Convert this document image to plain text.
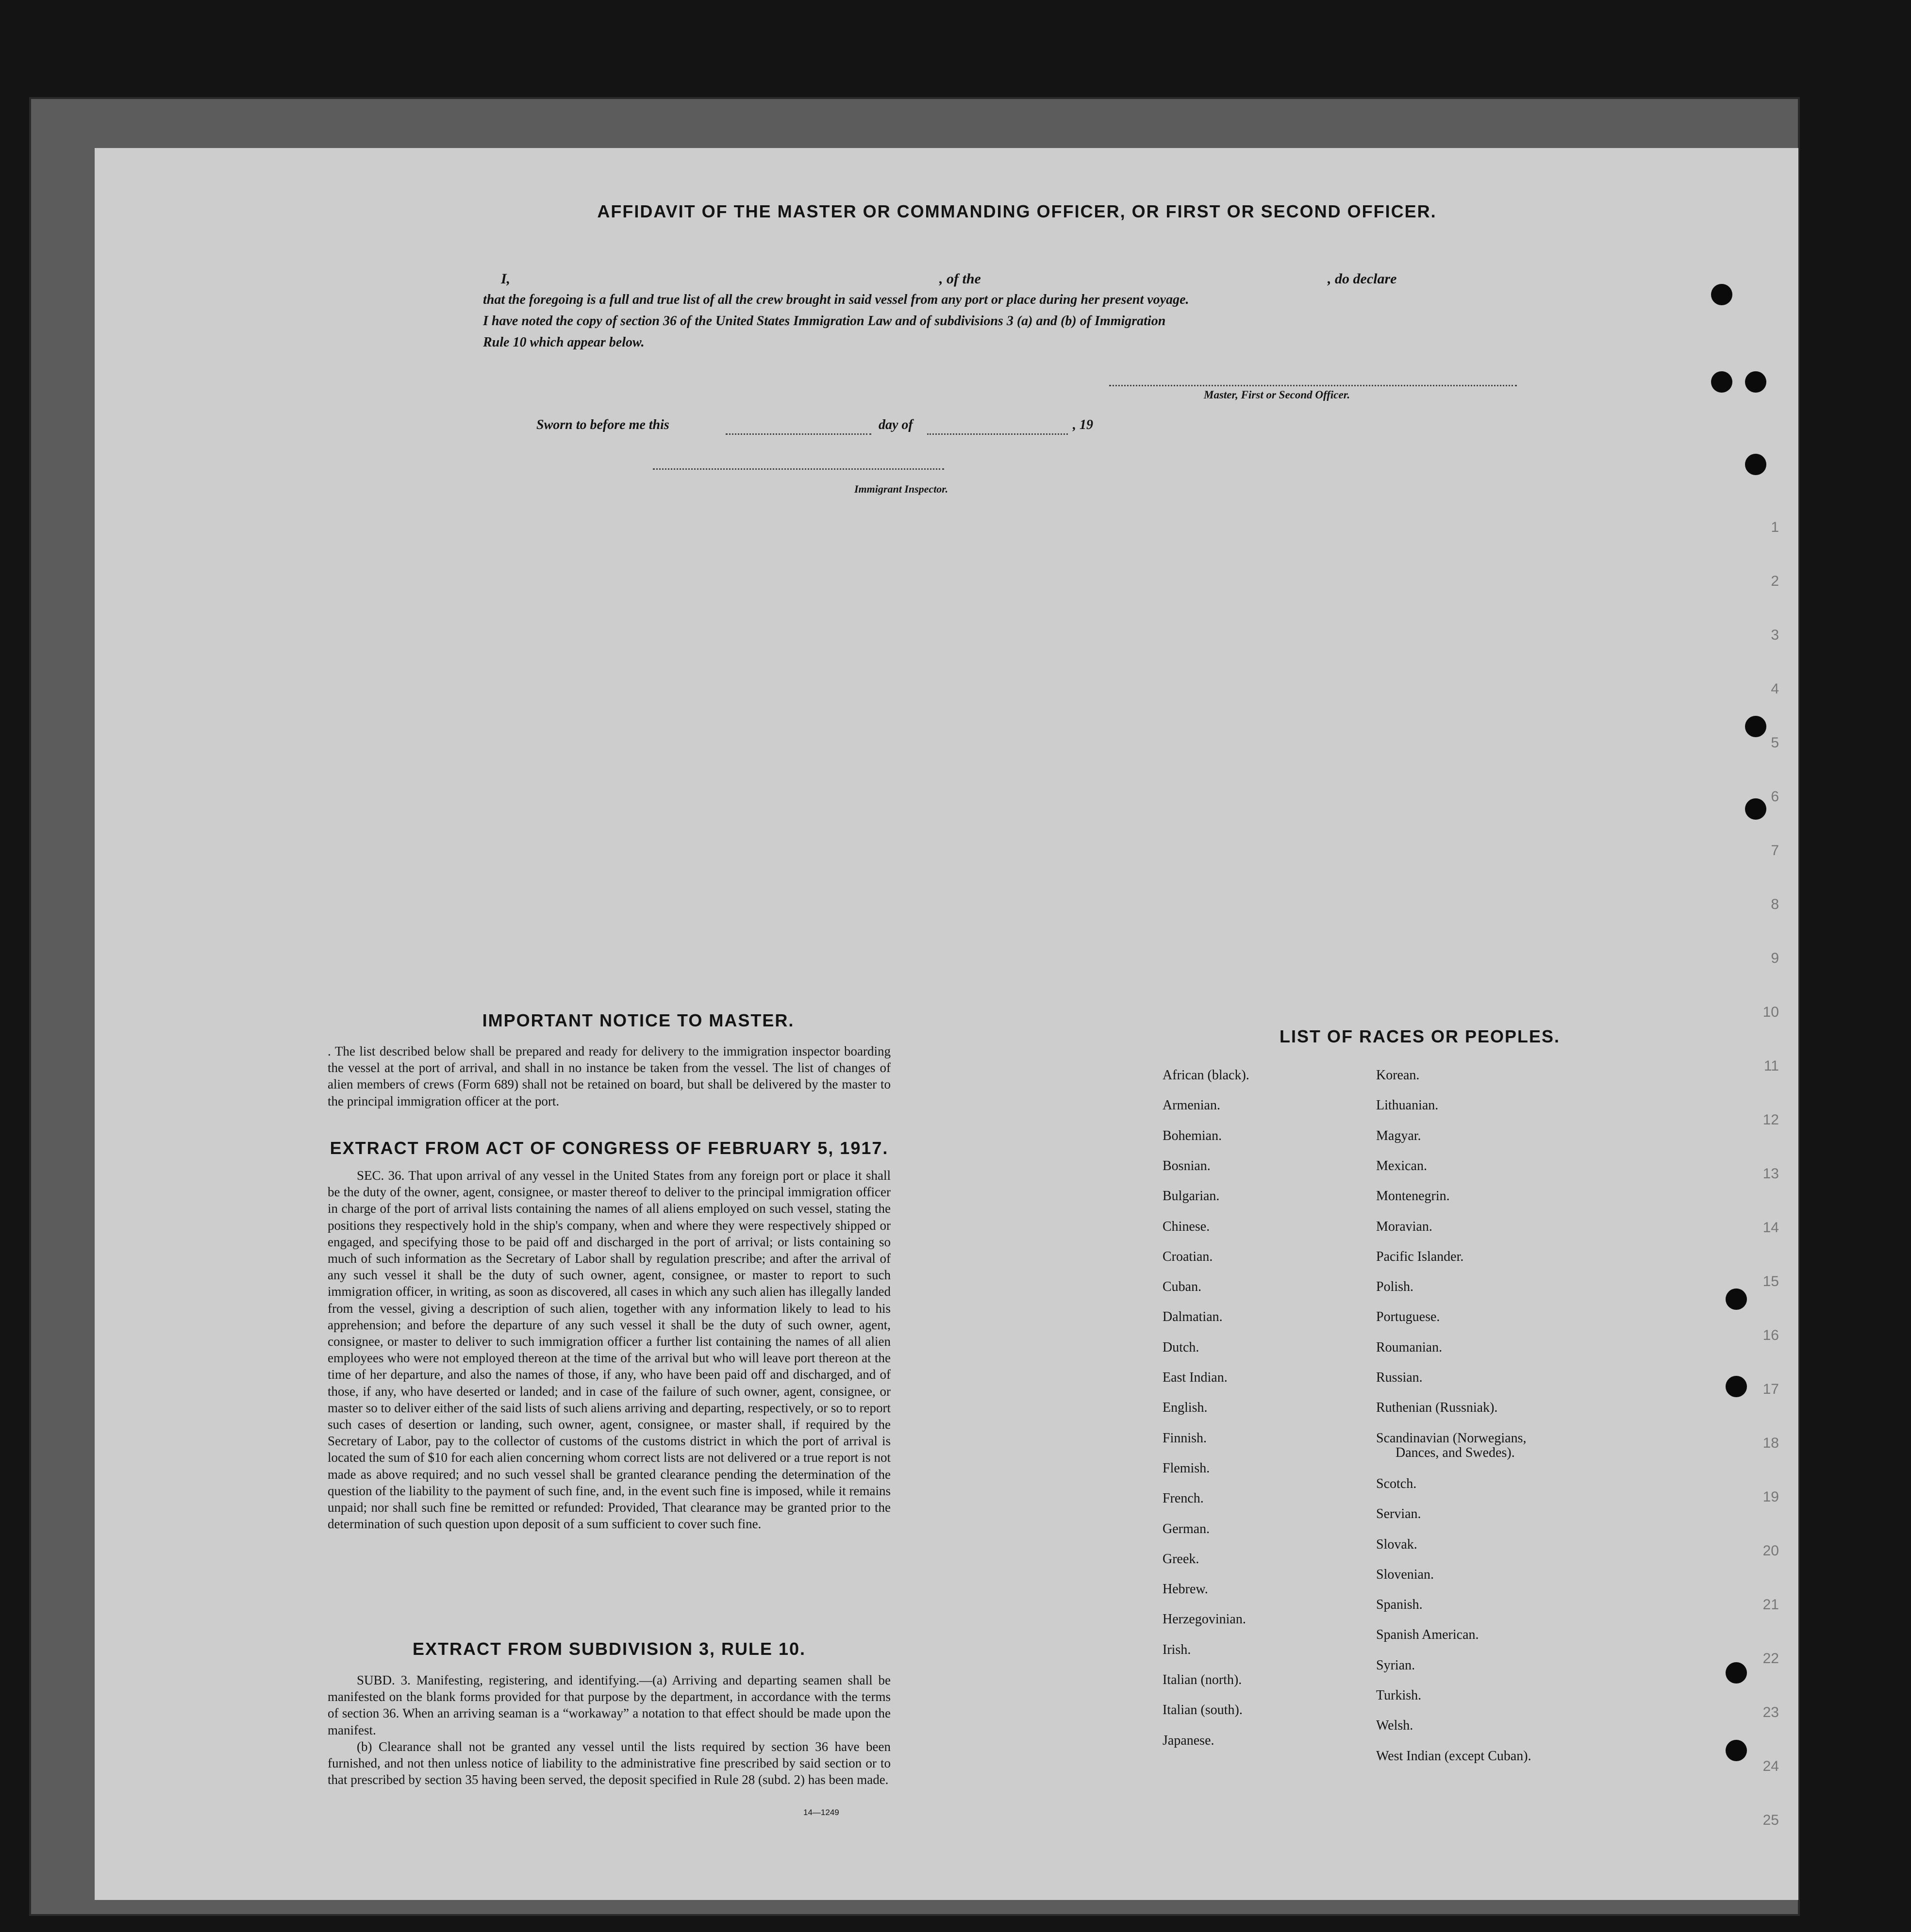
1
2
3
4
5
6
7
8
9
10
11
12
13
14
15
16
17
18
19
20
21
22
23
24
25
AFFIDAVIT OF THE MASTER OR COMMANDING OFFICER, OR FIRST OR SECOND OFFICER.
I,	, of the	, do declare
that the foregoing is a full and true list of all the crew brought in said vessel from any port or place during her present voyage.
I have noted the copy of section 36 of the United States Immigration Law and of subdivisions 3 (a) and (b) of Immigration
Rule 10 which appear below.
Master, First or Second Officer.
Sworn to before me this	day of	, 19
Immigrant Inspector.
IMPORTANT NOTICE TO MASTER.
. The list described below shall be prepared and ready for delivery to the immigration inspector boarding the vessel at the port of arrival, and shall in no instance be taken from the vessel. The list of changes of alien members of crews (Form 689) shall not be retained on board, but shall be delivered by the master to the principal immigration officer at the port.
EXTRACT FROM ACT OF CONGRESS OF FEBRUARY 5, 1917.
SEC. 36. That upon arrival of any vessel in the United States from any foreign port or place it shall be the duty of the owner, agent, consignee, or master thereof to deliver to the principal immigration officer in charge of the port of arrival lists containing the names of all aliens employed on such vessel, stating the positions they respectively hold in the ship's company, when and where they were respectively shipped or engaged, and specifying those to be paid off and discharged in the port of arrival; or lists containing so much of such information as the Secretary of Labor shall by regulation prescribe; and after the arrival of any such vessel it shall be the duty of such owner, agent, consignee, or master to report to such immigration officer, in writing, as soon as discovered, all cases in which any such alien has illegally landed from the vessel, giving a description of such alien, together with any information likely to lead to his apprehension; and before the departure of any such vessel it shall be the duty of such owner, agent, consignee, or master to deliver to such immigration officer a further list containing the names of all alien employees who were not employed thereon at the time of the arrival but who will leave port thereon at the time of her departure, and also the names of those, if any, who have been paid off and discharged, and of those, if any, who have deserted or landed; and in case of the failure of such owner, agent, consignee, or master so to deliver either of the said lists of such aliens arriving and departing, respectively, or so to report such cases of desertion or landing, such owner, agent, consignee, or master shall, if required by the Secretary of Labor, pay to the collector of customs of the customs district in which the port of arrival is located the sum of $10 for each alien concerning whom correct lists are not delivered or a true report is not made as above required; and no such vessel shall be granted clearance pending the determination of the question of the liability to the payment of such fine, and, in the event such fine is imposed, while it remains unpaid; nor shall such fine be remitted or refunded: Provided, That clearance may be granted prior to the determination of such question upon deposit of a sum sufficient to cover such fine.
EXTRACT FROM SUBDIVISION 3, RULE 10.
SUBD. 3. Manifesting, registering, and identifying.—(a) Arriving and departing seamen shall be manifested on the blank forms provided for that purpose by the department, in accordance with the terms of section 36. When an arriving seaman is a “workaway” a notation to that effect should be made upon the manifest.
(b) Clearance shall not be granted any vessel until the lists required by section 36 have been furnished, and not then unless notice of liability to the administrative fine prescribed by said section or to that prescribed by section 35 having been served, the deposit specified in Rule 28 (subd. 2) has been made.
14—1249
LIST OF RACES OR PEOPLES.
African (black).
Armenian.
Bohemian.
Bosnian.
Bulgarian.
Chinese.
Croatian.
Cuban.
Dalmatian.
Dutch.
East Indian.
English.
Finnish.
Flemish.
French.
German.
Greek.
Hebrew.
Herzegovinian.
Irish.
Italian (north).
Italian (south).
Japanese.
Korean.
Lithuanian.
Magyar.
Mexican.
Montenegrin.
Moravian.
Pacific Islander.
Polish.
Portuguese.
Roumanian.
Russian.
Ruthenian (Russniak).
Scandinavian (Norwegians,
Dances, and Swedes).
Scotch.
Servian.
Slovak.
Slovenian.
Spanish.
Spanish American.
Syrian.
Turkish.
Welsh.
West Indian (except Cuban).
